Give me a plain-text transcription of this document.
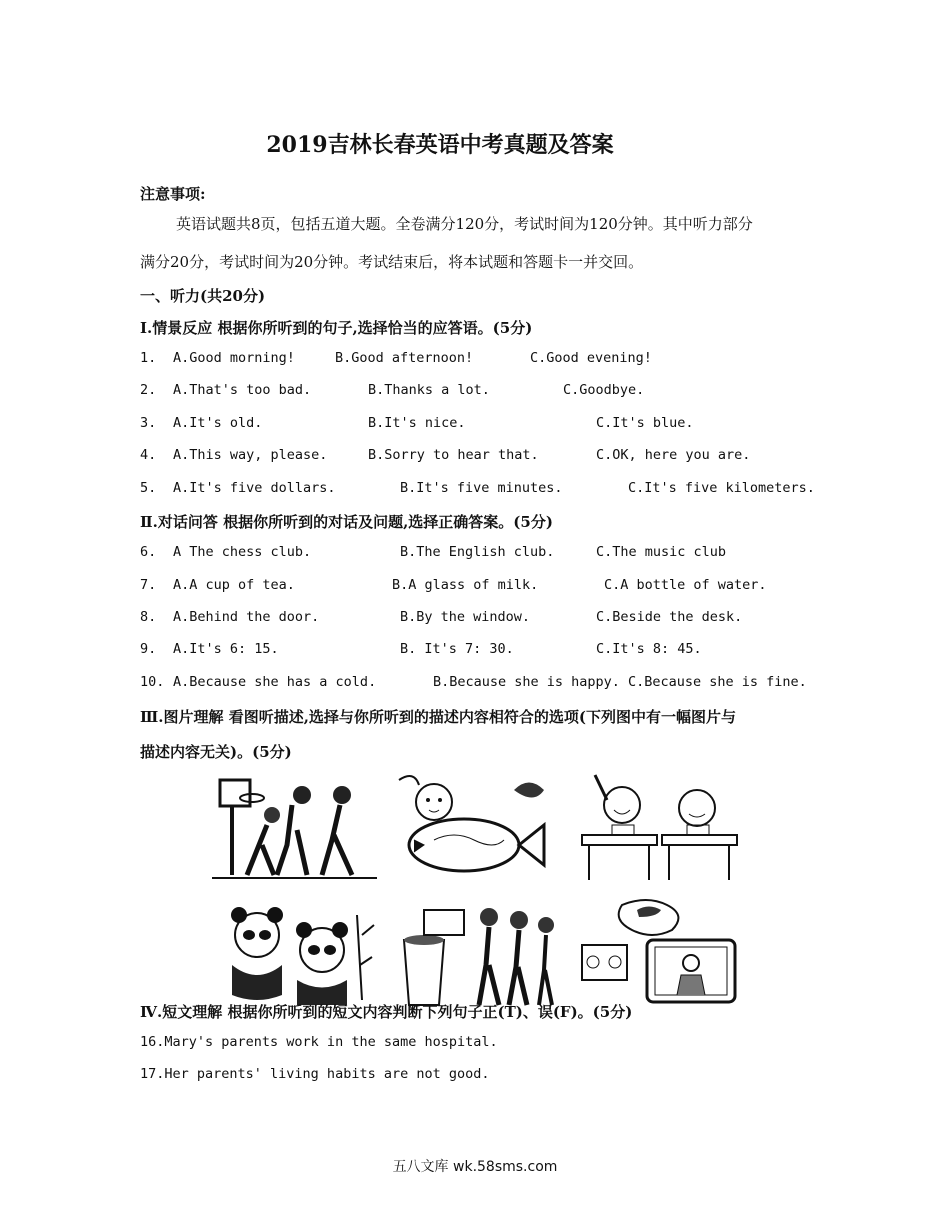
2019吉林长春英语中考真题及答案
注意事项:
英语试题共8页，包括五道大题。全卷满分120分，考试时间为120分钟。其中听力部分
满分20分，考试时间为20分钟。考试结束后，将本试题和答题卡一并交回。
一、听力(共20分)
Ⅰ.情景反应 根据你所听到的句子,选择恰当的应答语。(5分)
1. A.Good morning!	B.Good afternoon!	C.Good evening!
2. A.That's too bad.	B.Thanks a lot.	C.Goodbye.
3. A.It's old.	B.It's nice.	C.It's blue.
4. A.This way, please.	B.Sorry to hear that.	C.OK, here you are.
5. A.It's five dollars.	B.It's five minutes.	C.It's five kilometers.
Ⅱ.对话问答 根据你所听到的对话及问题,选择正确答案。(5分)
6. A The chess club.	B.The English club.	C.The music club
7. A.A cup of tea.	B.A glass of milk.	C.A bottle of water.
8. A.Behind the door.	B.By the window.	C.Beside the desk.
9. A.It's 6: 15.	B. It's 7: 30.	C.It's 8: 45.
10. A.Because she has a cold.	B.Because she is happy. C.Because she is fine.
Ⅲ.图片理解 看图听描述,选择与你所听到的描述内容相符合的选项(下列图中有一幅图片与
描述内容无关)。(5分)
Ⅳ.短文理解 根据你所听到的短文内容判断下列句子正(T)、误(F)。(5分)
16.Mary's parents work in the same hospital.
17.Her parents' living habits are not good.
五八文库 wk.58sms.com
